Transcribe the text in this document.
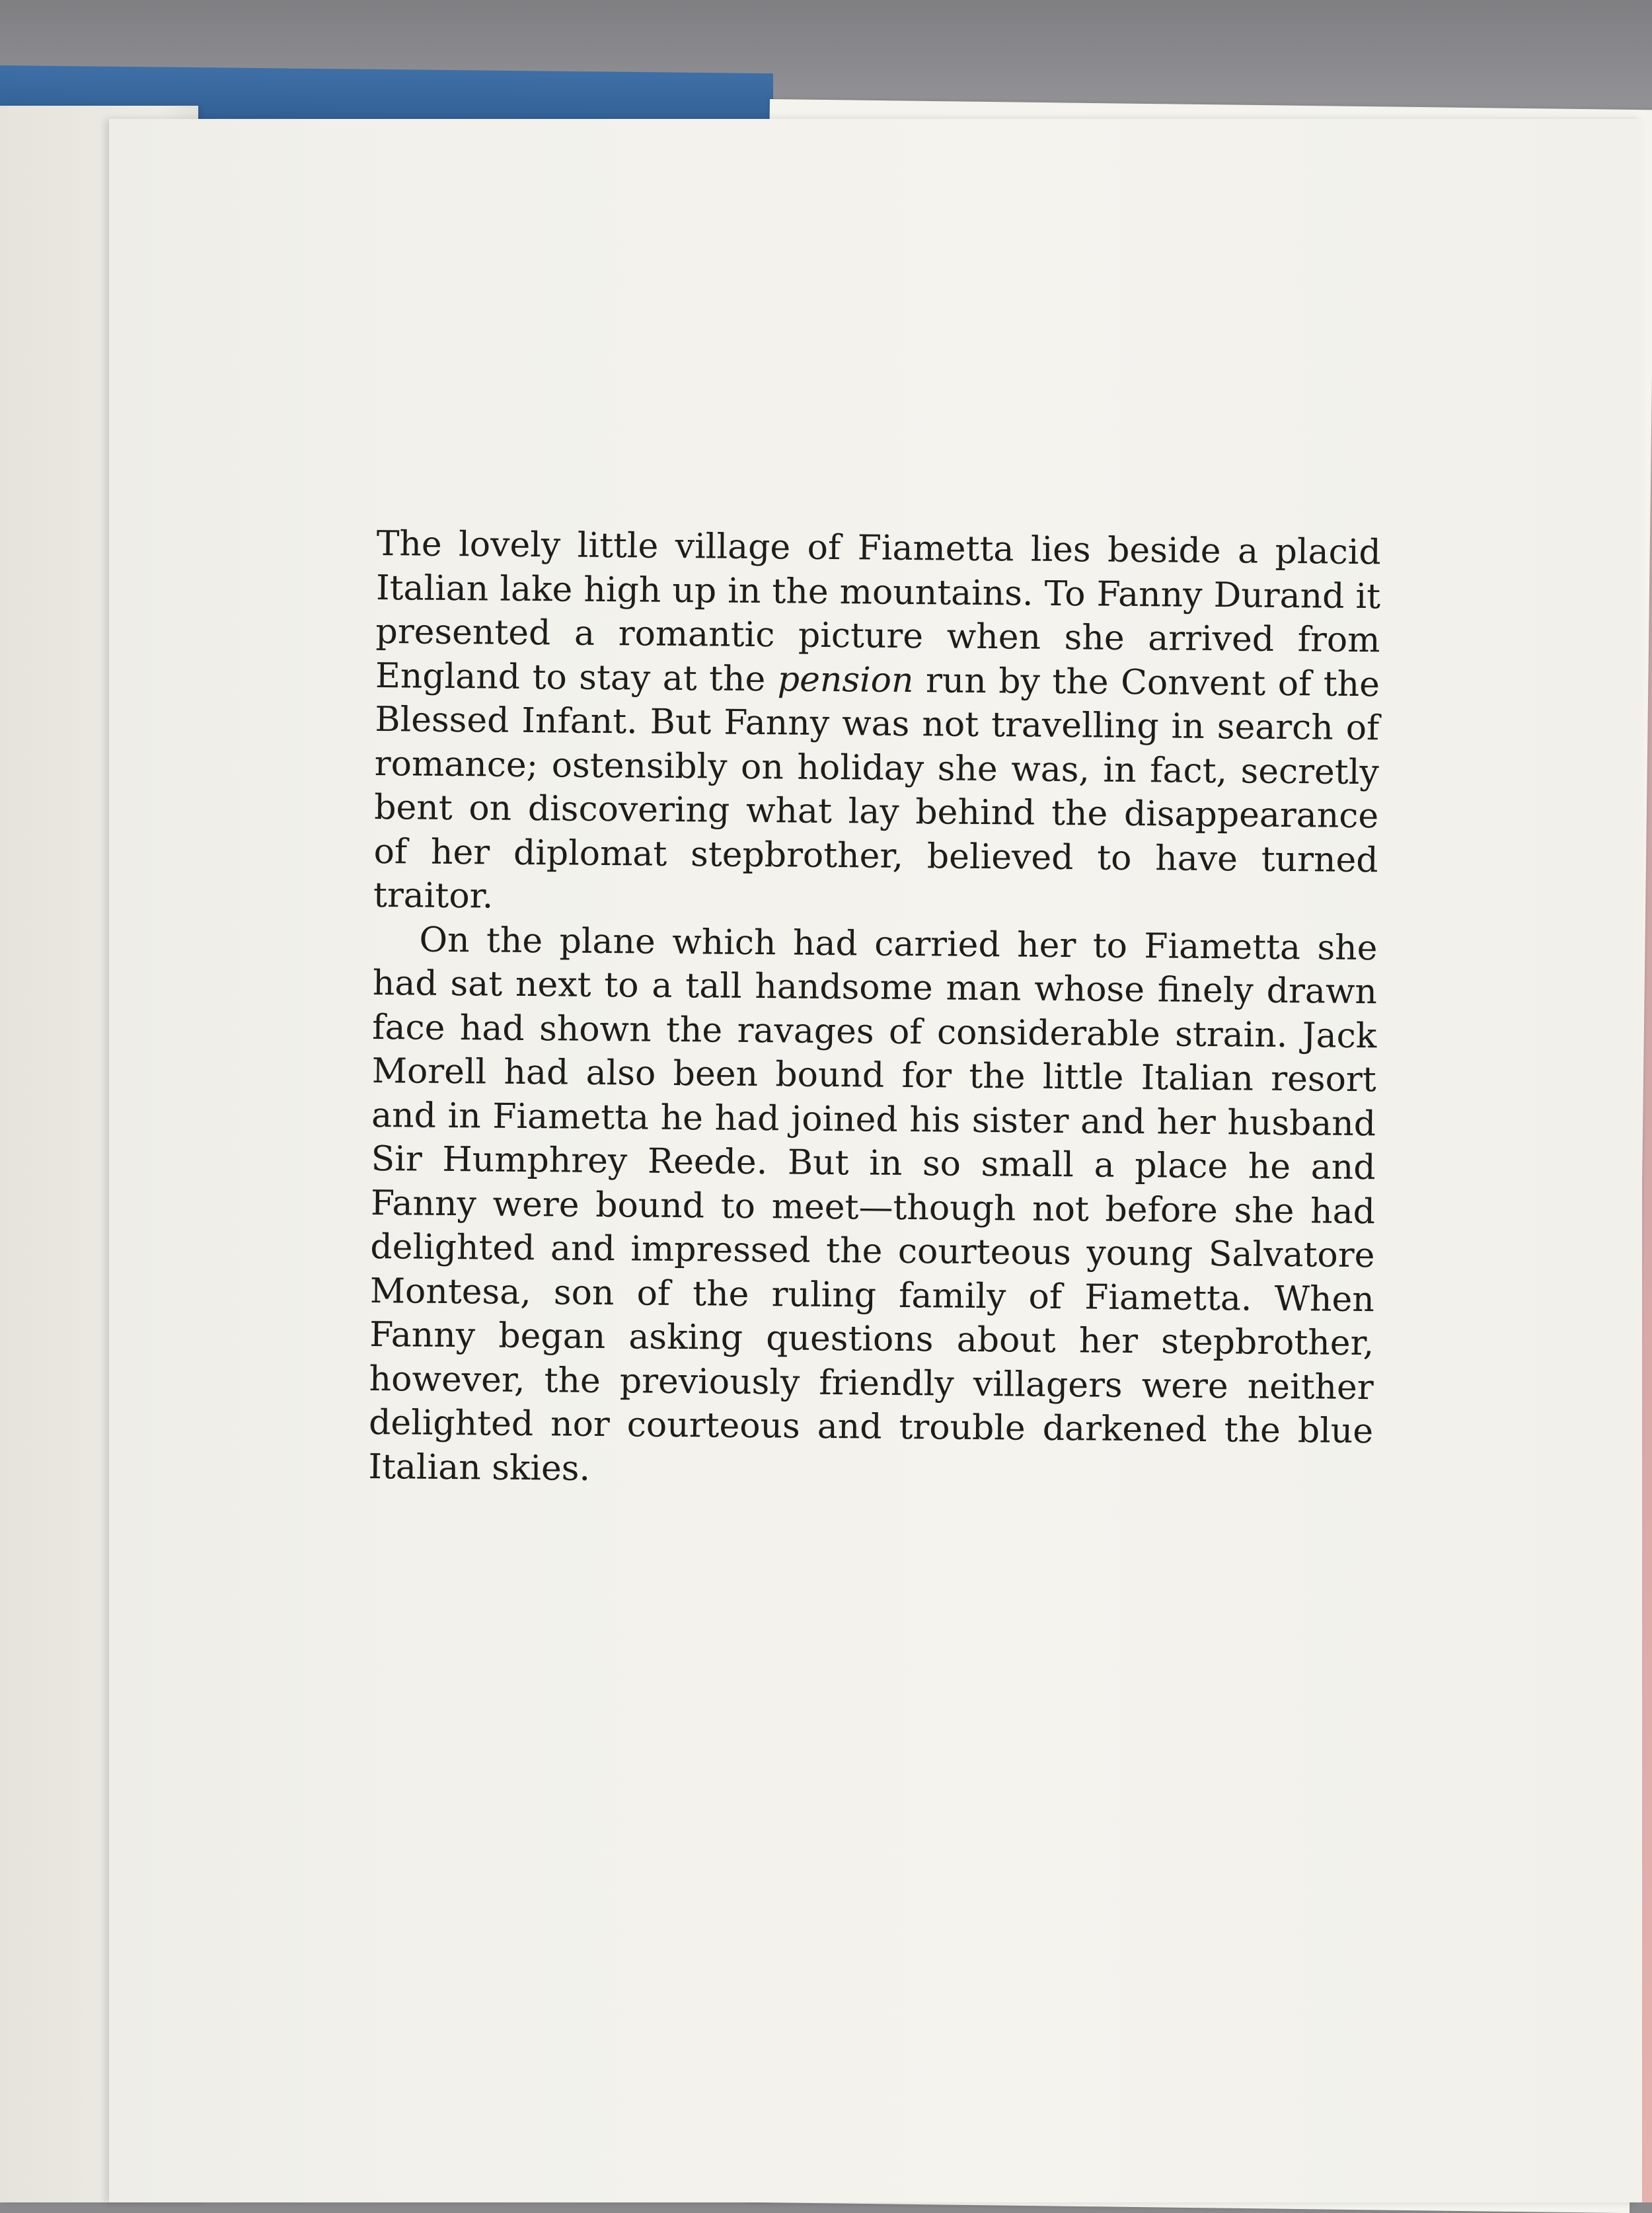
The lovely little village of Fiametta lies beside a placid Italian lake high up in the mountains. To Fanny Durand it presented a romantic picture when she arrived from England to stay at the pension run by the Convent of the Blessed Infant. But Fanny was not travelling in search of romance; ostensibly on holiday she was, in fact, secretly bent on discovering what lay behind the disappearance of her diplomat stepbrother, believed to have turned traitor.

On the plane which had carried her to Fiametta she had sat next to a tall handsome man whose finely drawn face had shown the ravages of considerable strain. Jack Morell had also been bound for the little Italian resort and in Fiametta he had joined his sister and her husband Sir Humphrey Reede. But in so small a place he and Fanny were bound to meet—though not before she had delighted and impressed the courteous young Salvatore Montesa, son of the ruling family of Fiametta. When Fanny began asking questions about her stepbrother, however, the previously friendly villagers were neither delighted nor courteous and trouble darkened the blue Italian skies.
